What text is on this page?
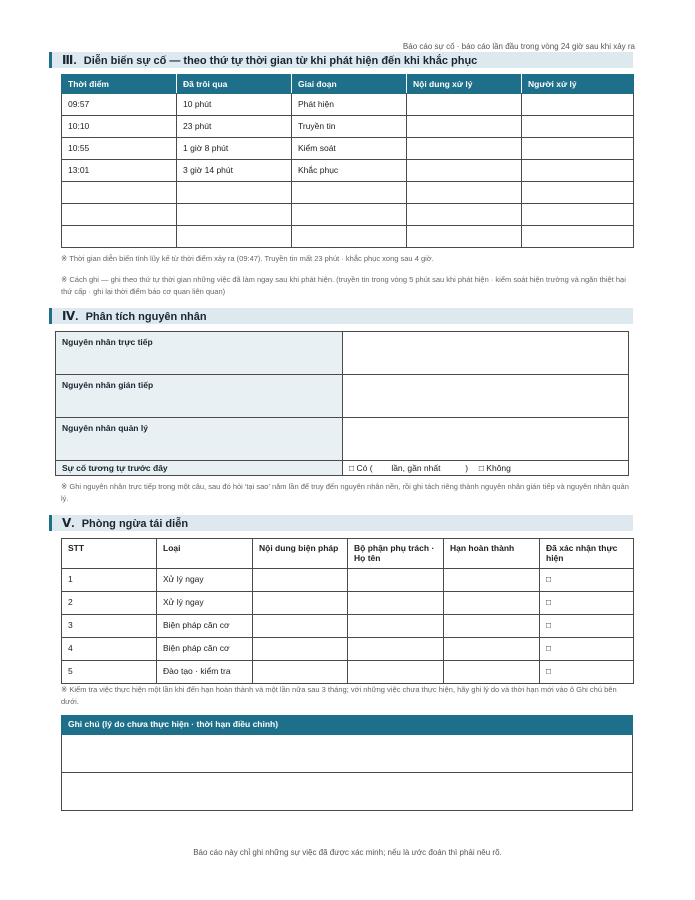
Báo cáo sự cố · báo cáo lần đầu trong vòng 24 giờ sau khi xảy ra
Ⅲ. Diễn biến sự cố — theo thứ tự thời gian từ khi phát hiện đến khi khắc phục
Thời điểm	Đã trôi qua	Giai đoạn	Nội dung xử lý	Người xử lý
09:57	10 phút	Phát hiện		
10:10	23 phút	Truyền tin		
10:55	1 giờ 8 phút	Kiểm soát		
13:01	3 giờ 14 phút	Khắc phục		

※ Thời gian diễn biến tính lũy kế từ thời điểm xảy ra (09:47). Truyền tin mất 23 phút · khắc phục xong sau 4 giờ.
※ Cách ghi — ghi theo thứ tự thời gian những việc đã làm ngay sau khi phát hiện. (truyền tin trong vòng 5 phút sau khi phát hiện · kiểm soát hiện trường và ngăn thiệt hại thứ cấp · ghi lại thời điểm báo cơ quan liên quan)
Ⅳ. Phân tích nguyên nhân
Nguyên nhân trực tiếp	
Nguyên nhân gián tiếp	
Nguyên nhân quản lý	
Sự cố tương tự trước đây	□ Có ( lần, gần nhất ) □ Không
※ Ghi nguyên nhân trực tiếp trong một câu, sau đó hỏi 'tại sao' năm lần để truy đến nguyên nhân nền, rồi ghi tách riêng thành nguyên nhân gián tiếp và nguyên nhân quản lý.
Ⅴ. Phòng ngừa tái diễn
STT	Loại	Nội dung biện pháp	Bộ phận phụ trách · Họ tên	Hạn hoàn thành	Đã xác nhận thực hiện
1	Xử lý ngay				□
2	Xử lý ngay				□
3	Biện pháp căn cơ				□
4	Biện pháp căn cơ				□
5	Đào tạo · kiểm tra				□
※ Kiểm tra việc thực hiện một lần khi đến hạn hoàn thành và một lần nữa sau 3 tháng; với những việc chưa thực hiện, hãy ghi lý do và thời hạn mới vào ô Ghi chú bên dưới.
Ghi chú (lý do chưa thực hiện · thời hạn điều chỉnh)

Báo cáo này chỉ ghi những sự việc đã được xác minh; nếu là ước đoán thì phải nêu rõ.
